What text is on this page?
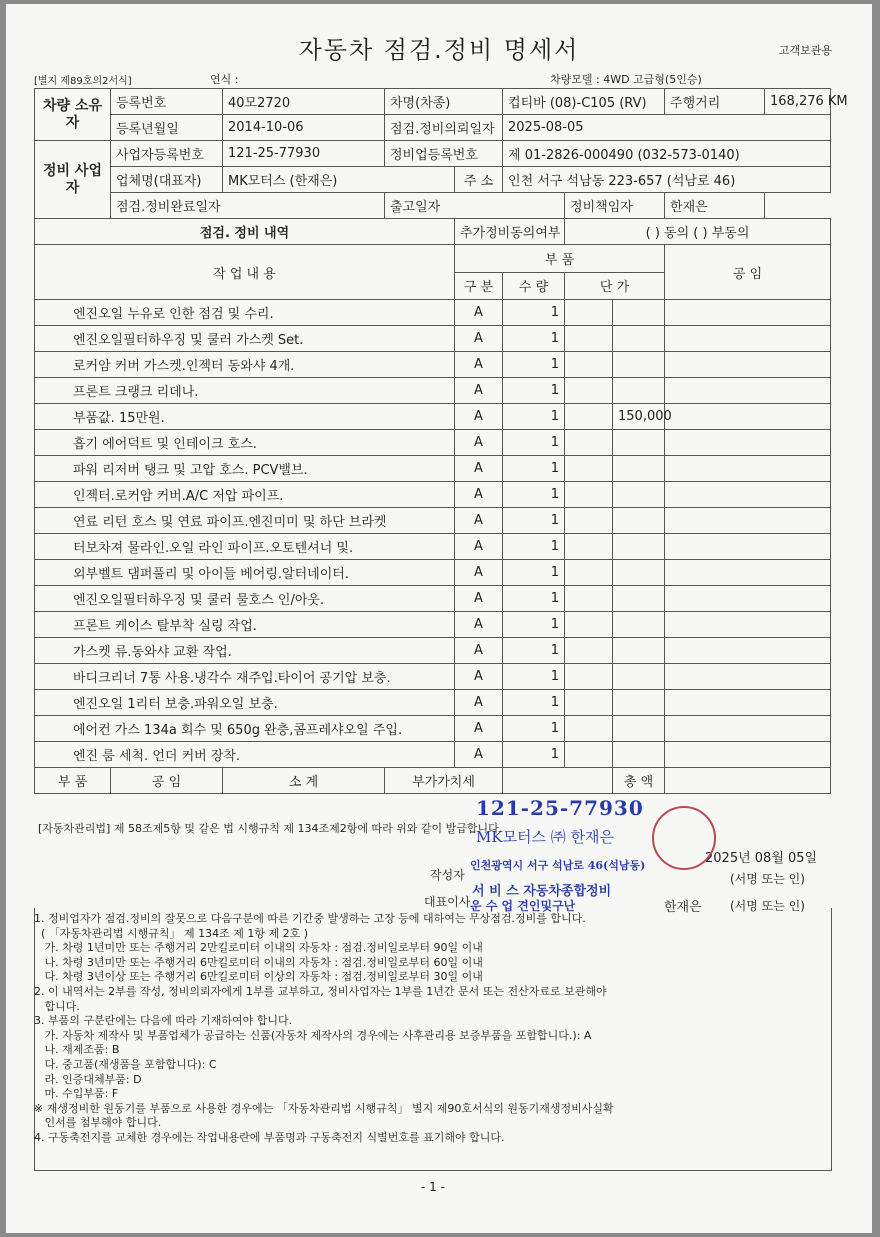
자동차 점검.정비 명세서	고객보관용
[별지 제89호의2서식]	연식 :	차량모델 : 4WD 고급형(5인승)
차량 소유자	등록번호	40모2720	차명(차종)		컵티바 (08)-C105 (RV)			주행거리	168,276 KM
	등록년월일	2014-10-06	점검.정비의뢰일자		2025-08-05				
정비 사업자	사업자등록번호	121-25-77930	정비업등록번호		제 01-2826-000490 (032-573-0140)				
	업체명(대표자)	MK모터스 (한재은)		주 소	인천 서구 석남동 223-657 (석남로 46)				
	점검.정비완료일자		출고일자			정비책임자		한재은	
점검. 정비 내역				추가정비동의여부		( ) 동의 ( ) 부동의			
작 업 내 용				부 품				공 임	
				구 분	수 량	단 가			
엔진오일 누유로 인한 점검 및 수리.				A	1				
엔진오일필터하우징 및 쿨러 가스켓 Set.				A	1				
로커암 커버 가스켓.인젝터 동와샤 4개.				A	1				
프론트 크랭크 리데나.				A	1				
부품값. 15만원.				A	1		150,000		
흡기 에어덕트 및 인테이크 호스.				A	1				
파워 리저버 탱크 및 고압 호스. PCV밸브.				A	1				
인젝터.로커암 커버.A/C 저압 파이프.				A	1				
연료 리턴 호스 및 연료 파이프.엔진미미 및 하단 브라켓				A	1				
터보차져 물라인.오일 라인 파이프.오토텐셔너 및.				A	1				
외부벨트 댐퍼풀리 및 아이들 베어링.알터네이터.				A	1				
엔진오일필터하우징 및 쿨러 물호스 인/아웃.				A	1				
프론트 케이스 탈부착 실링 작업.				A	1				
가스켓 류.동와샤 교환 작업.				A	1				
바디크리너 7통 사용.냉각수 재주입.타이어 공기압 보충.				A	1				
엔진오일 1리터 보충.파워오일 보충.				A	1				
에어컨 가스 134a 회수 및 650g 완충,콤프레샤오일 주입.				A	1				
엔진 룸 세척. 언더 커버 장착.				A	1				
부 품	공 임	소 계	부가가치세				총 액		
[자동차관리법] 제 58조제5항 및 같은 법 시행규칙 제 134조제2항에 따라 위와 같이 발급합니다.
2025년 08월 05일
작성자	(서명 또는 인)
대표이사	한재은 (서명 또는 인)
121-25-77930
MK모터스 ㈜ 한재은
인천광역시 서구 석남로 46(석남동)
서 비 스 자동차종합정비
운 수 업 견인및구난
1. 정비업자가 점검.정비의 잘못으로 다음구분에 따른 기간중 발생하는 고장 등에 대하여는 무상점검.정비를 합니다.
( 「자동차관리법 시행규칙」 제 134조 제 1항 제 2호 )
가. 차령 1년미만 또는 주행거리 2만킬로미터 이내의 자동차 : 점검.정비일로부터 90일 이내
나. 차령 3년미만 또는 주행거리 6만킬로미터 이내의 자동차 : 점검.정비일로부터 60일 이내
다. 차령 3년이상 또는 주행거리 6만킬로미터 이상의 자동차 : 점검.정비일로부터 30일 이내
2. 이 내역서는 2부를 작성, 정비의뢰자에게 1부를 교부하고, 정비사업자는 1부를 1년간 문서 또는 전산자료로 보관해야
합니다.
3. 부품의 구분란에는 다음에 따라 기재하여야 합니다.
가. 자동차 제작사 및 부품업체가 공급하는 신품(자동차 제작사의 경우에는 사후관리용 보증부품을 포함합니다.): A
나. 재제조품: B
다. 중고품(재생품을 포함합니다): C
라. 인증대체부품: D
마. 수입부품: F
※ 재생정비한 원동기를 부품으로 사용한 경우에는 「자동차관리법 시행규칙」 별지 제90호서식의 원동기재생정비사실확
인서를 첨부해야 합니다.
4. 구동축전지를 교체한 경우에는 작업내용란에 부품명과 구동축전지 식별번호를 표기해야 합니다.
- 1 -
